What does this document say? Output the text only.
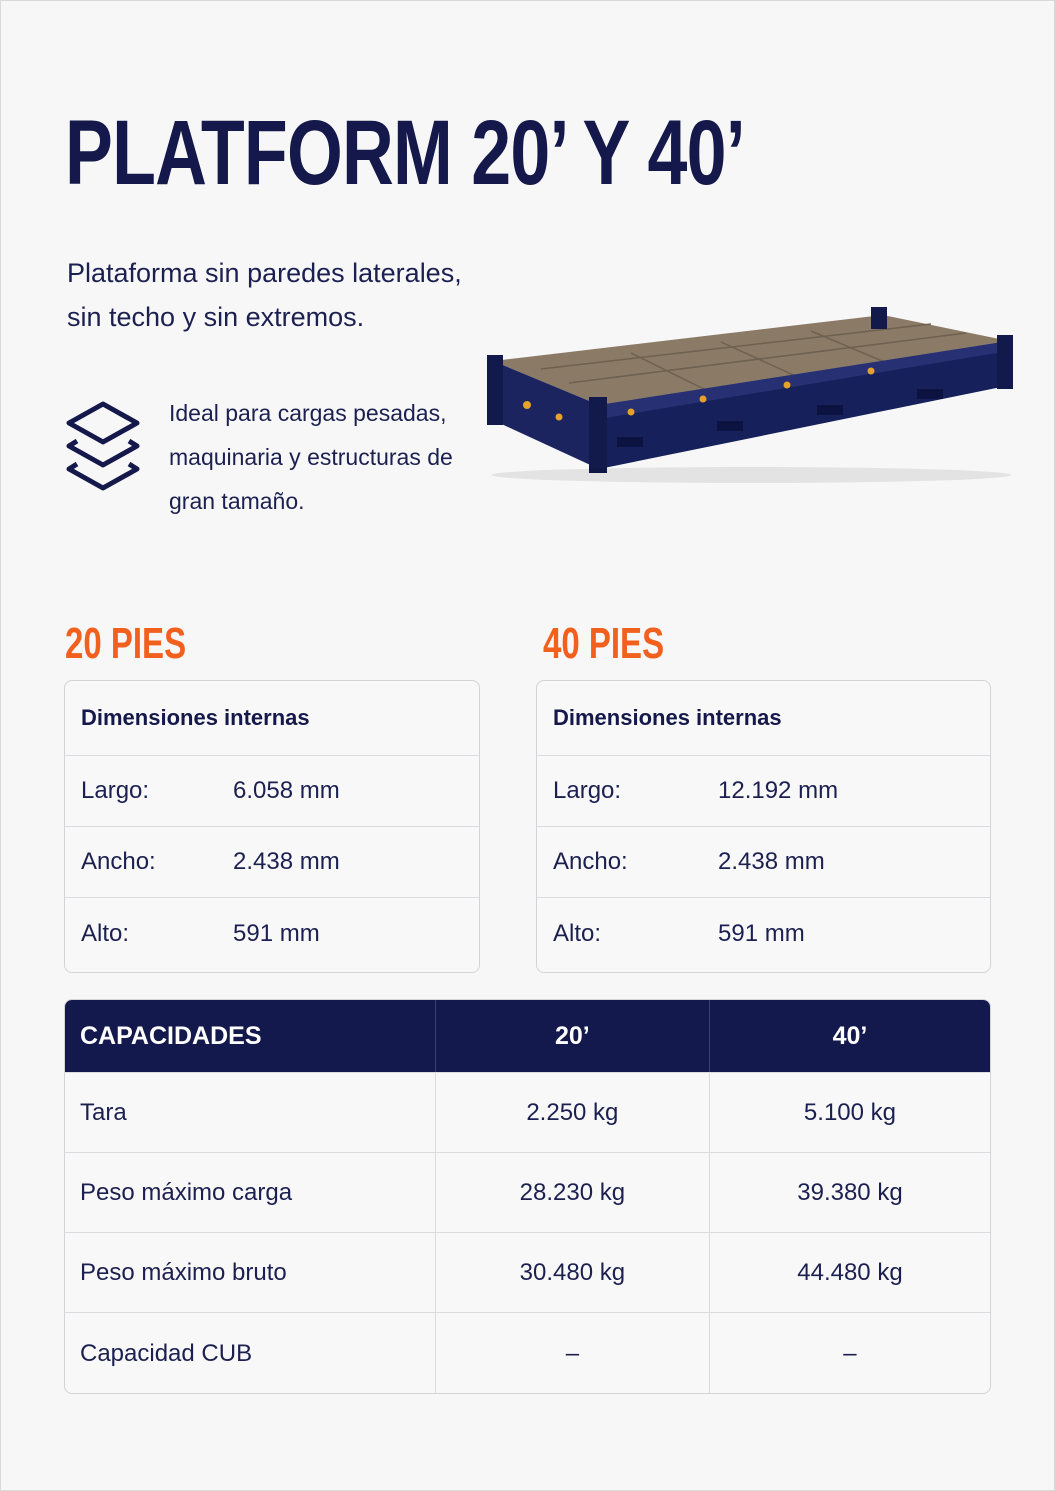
PLATFORM 20’ Y 40’
Plataforma sin paredes laterales, sin techo y sin extremos.
Ideal para cargas pesadas, maquinaria y estructuras de gran tamaño.
20 PIES
Dimensiones internas
Largo:	6.058 mm
Ancho:	2.438 mm
Alto:	591 mm
40 PIES
Dimensiones internas
Largo:	12.192 mm
Ancho:	2.438 mm
Alto:	591 mm
CAPACIDADES	20’	40’
Tara	2.250 kg	5.100 kg
Peso máximo carga	28.230 kg	39.380 kg
Peso máximo bruto	30.480 kg	44.480 kg
Capacidad CUB	–	–
